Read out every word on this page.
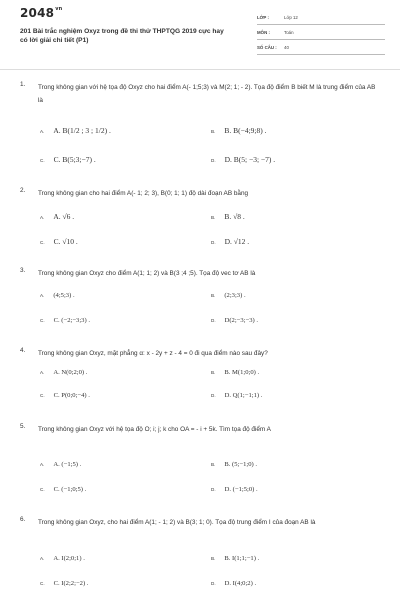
$2048^{vn}$
201 Bài trắc nghiệm Oxyz trong đề thi thử THPTQG 2019 cực hay có lời giải chi tiết (P1)
LỚP :	Lớp 12
MÔN :	Toán
SỐ CÂU : 40
1. Trong không gian với hệ tọa độ Oxyz cho hai điểm A(- 1;5;3) và M(2; 1; - 2). Tọa độ điểm B biết M là trung điểm của AB là
A. A. B(1/2 ; 3 ; 1/2) .	B. B. B(−4;9;8) .
C. C. B(5;3;−7) .	D. D. B(5; −3; −7) .
2. Trong không gian cho hai điểm A(- 1; 2; 3), B(0; 1; 1) độ dài đoạn AB bằng
A. A. √6 .	B. B. √8 .
C. C. √10 .	D. D. √12 .
3. Trong không gian Oxyz cho điểm A(1; 1; 2) và B(3 ;4 ;5). Tọa độ vec tơ AB là
A. (4;5;3) .	B. (2;3;3) .
C. C. (−2;−3;3) .	D. D(2;−3;−3) .
4. Trong không gian Oxyz, mặt phẳng α: x - 2y + z - 4 = 0 đi qua điểm nào sau đây?
A. A. N(0;2;0) .	B. B. M(1;0;0) .
C. C. P(0;0;−4) .	D. D. Q(1;−1;1) .
5. Trong không gian Oxyz với hệ tọa độ O; i; j; k cho OA = - i + 5k. Tìm tọa độ điểm A
A. A. (−1;5) .	B. B. (5;−1;0) .
C. C. (−1;0;5) .	D. D. (−1;5;0) .
6. Trong không gian Oxyz, cho hai điểm A(1; - 1; 2) và B(3; 1; 0). Tọa độ trung điểm I của đoạn AB là
A. A. I(2;0;1) .	B. B. I(1;1;−1) .
C. C. I(2;2;−2) .	D. D. I(4;0;2) .
